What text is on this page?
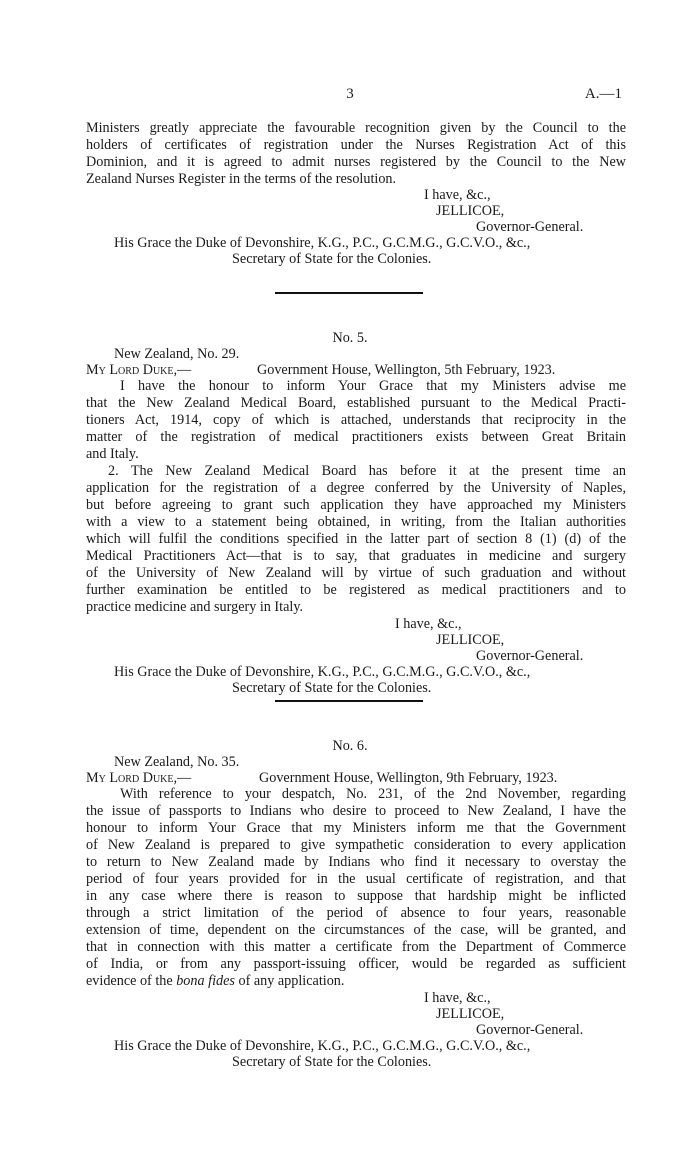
3	A.—1
Ministers greatly appreciate the favourable recognition given by the Council to the
holders of certificates of registration under the Nurses Registration Act of this
Dominion, and it is agreed to admit nurses registered by the Council to the New
Zealand Nurses Register in the terms of the resolution.
I have, &c.,
JELLICOE,
Governor-General.
His Grace the Duke of Devonshire, K.G., P.C., G.C.M.G., G.C.V.O., &c.,
Secretary of State for the Colonies.
No. 5.
New Zealand, No. 29.
My Lord Duke,—	Government House, Wellington, 5th February, 1923.
I have the honour to inform Your Grace that my Ministers advise me
that the New Zealand Medical Board, established pursuant to the Medical Practi-
tioners Act, 1914, copy of which is attached, understands that reciprocity in the
matter of the registration of medical practitioners exists between Great Britain
and Italy.
2. The New Zealand Medical Board has before it at the present time an
application for the registration of a degree conferred by the University of Naples,
but before agreeing to grant such application they have approached my Ministers
with a view to a statement being obtained, in writing, from the Italian authorities
which will fulfil the conditions specified in the latter part of section 8 (1) (d) of the
Medical Practitioners Act—that is to say, that graduates in medicine and surgery
of the University of New Zealand will by virtue of such graduation and without
further examination be entitled to be registered as medical practitioners and to
practice medicine and surgery in Italy.
I have, &c.,
JELLICOE,
Governor-General.
His Grace the Duke of Devonshire, K.G., P.C., G.C.M.G., G.C.V.O., &c.,
Secretary of State for the Colonies.
No. 6.
New Zealand, No. 35.
My Lord Duke,—	Government House, Wellington, 9th February, 1923.
With reference to your despatch, No. 231, of the 2nd November, regarding
the issue of passports to Indians who desire to proceed to New Zealand, I have the
honour to inform Your Grace that my Ministers inform me that the Government
of New Zealand is prepared to give sympathetic consideration to every application
to return to New Zealand made by Indians who find it necessary to overstay the
period of four years provided for in the usual certificate of registration, and that
in any case where there is reason to suppose that hardship might be inflicted
through a strict limitation of the period of absence to four years, reasonable
extension of time, dependent on the circumstances of the case, will be granted, and
that in connection with this matter a certificate from the Department of Commerce
of India, or from any passport-issuing officer, would be regarded as sufficient
evidence of the bona fides of any application.
I have, &c.,
JELLICOE,
Governor-General.
His Grace the Duke of Devonshire, K.G., P.C., G.C.M.G., G.C.V.O., &c.,
Secretary of State for the Colonies.
